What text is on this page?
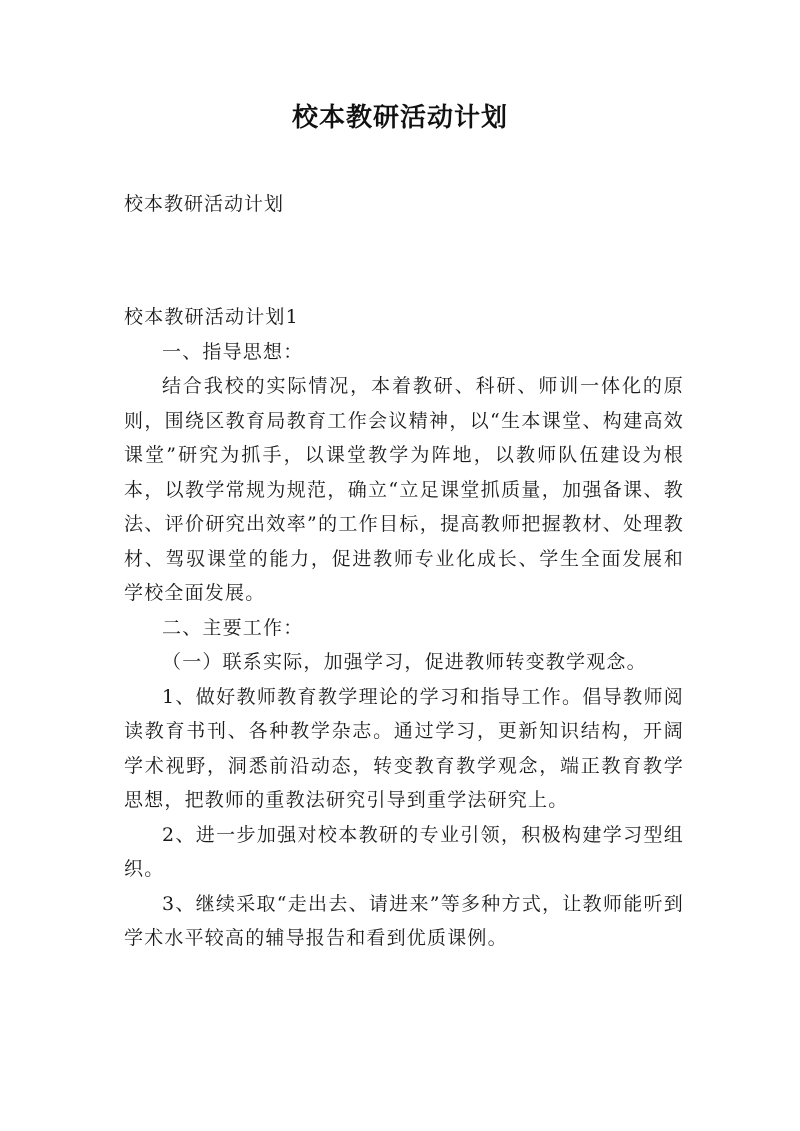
校本教研活动计划
校本教研活动计划

校本教研活动计划1

一、指导思想：

结合我校的实际情况，本着教研、科研、师训一体化的原则，围绕区教育局教育工作会议精神，以“生本课堂、构建高效课堂”研究为抓手，以课堂教学为阵地，以教师队伍建设为根本，以教学常规为规范，确立“立足课堂抓质量，加强备课、教法、评价研究出效率”的工作目标，提高教师把握教材、处理教材、驾驭课堂的能力，促进教师专业化成长、学生全面发展和学校全面发展。

二、主要工作：

（一）联系实际，加强学习，促进教师转变教学观念。

1、做好教师教育教学理论的学习和指导工作。倡导教师阅读教育书刊、各种教学杂志。通过学习，更新知识结构，开阔学术视野，洞悉前沿动态，转变教育教学观念，端正教育教学思想，把教师的重教法研究引导到重学法研究上。

2、进一步加强对校本教研的专业引领，积极构建学习型组织。

3、继续采取“走出去、请进来”等多种方式，让教师能听到学术水平较高的辅导报告和看到优质课例。
